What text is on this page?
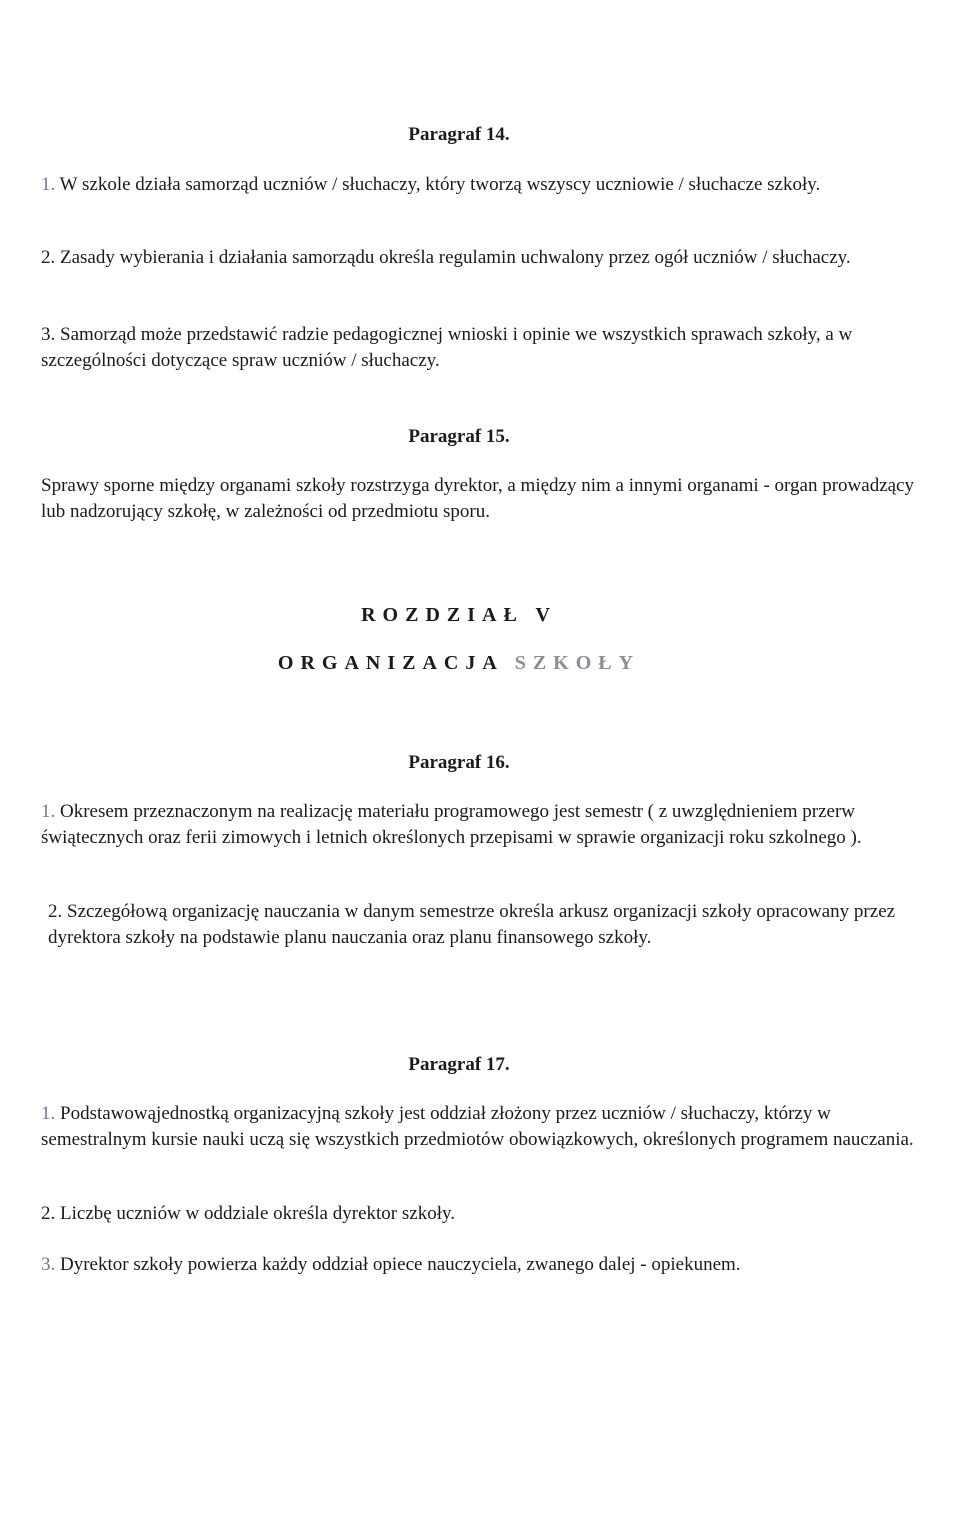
Paragraf 14.

1. W szkole działa samorząd uczniów / słuchaczy, który tworzą wszyscy uczniowie / słuchacze szkoły.

2. Zasady wybierania i działania samorządu określa regulamin uchwalony przez ogół uczniów / słuchaczy.

3. Samorząd może przedstawić radzie pedagogicznej wnioski i opinie we wszystkich sprawach szkoły, a w szczególności dotyczące spraw uczniów / słuchaczy.

Paragraf 15.

Sprawy sporne między organami szkoły rozstrzyga dyrektor, a między nim a innymi organami - organ prowadzący lub nadzorujący szkołę, w zależności od przedmiotu sporu.

ROZDZIAŁ V
ORGANIZACJA SZKOŁY
Paragraf 16.

1. Okresem przeznaczonym na realizację materiału programowego jest semestr ( z uwzględnieniem przerw świątecznych oraz ferii zimowych i letnich określonych przepisami w sprawie organizacji roku szkolnego ).

2. Szczegółową organizację nauczania w danym semestrze określa arkusz organizacji szkoły opracowany przez dyrektora szkoły na podstawie planu nauczania oraz planu finansowego szkoły.

Paragraf 17.

1. Podstawowąjednostką organizacyjną szkoły jest oddział złożony przez uczniów / słuchaczy, którzy w semestralnym kursie nauki uczą się wszystkich przedmiotów obowiązkowych, określonych programem nauczania.

2. Liczbę uczniów w oddziale określa dyrektor szkoły.

3. Dyrektor szkoły powierza każdy oddział opiece nauczyciela, zwanego dalej - opiekunem.
